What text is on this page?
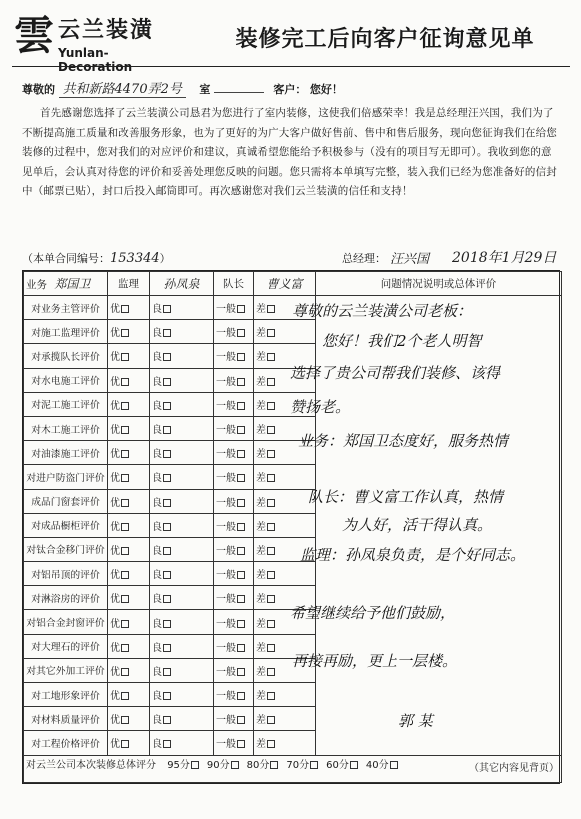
雲 云兰装潢
Yunlan-Decoration
装修完工后向客户征询意见单
尊敬的 共和新路4470弄2号 室	客户： 您好！
首先感谢您选择了云兰装潢公司恳君为您进行了室内装修，这使我们倍感荣幸！我是总经理汪兴国，我们为了不断提高施工质量和改善服务形象，也为了更好的为广大客户做好售前、售中和售后服务，现向您征询我们在给您装修的过程中，您对我们的对应评价和建议，真诚希望您能给予积极参与（没有的项目写无即可）。我收到您的意见单后，会认真对待您的评价和妥善处理您反映的问题。您只需将本单填写完整，装入我们已经为您准备好的信封中（邮票已贴），封口后投入邮筒即可。再次感谢您对我们云兰装潢的信任和支持！
（本单合同编号：153344）	总经理： 汪兴国 2018年1月29日
业务 郑国卫	监理	孙凤泉	队长	曹义富	问题情况说明或总体评价
对业务主管评价	优	良	一般	差	
对施工监理评价	优	良	一般	差	
对承揽队长评价	优	良	一般	差	
对水电施工评价	优	良	一般	差	
对泥工施工评价	优	良	一般	差	
对木工施工评价	优	良	一般	差	
对油漆施工评价	优	良	一般	差	
对进户防盗门评价	优	良	一般	差	
成品门窗套评价	优	良	一般	差	
对成品橱柜评价	优	良	一般	差	
对钛合金移门评价	优	良	一般	差	
对铝吊顶的评价	优	良	一般	差	
对淋浴房的评价	优	良	一般	差	
对铝合金封窗评价	优	良	一般	差	
对大理石的评价	优	良	一般	差	
对其它外加工评价	优	良	一般	差	
对工地形象评价	优	良	一般	差	
对材料质量评价	优	良	一般	差	
对工程价格评价	优	良	一般	差	
对云兰公司本次装修总体评分 95分 90分 80分 70分 60分 40分 （其它内容见背页）					
尊敬的云兰装潢公司老板：
您好！我们2个老人明智
选择了贵公司帮我们装修、该得
赞扬老。
业务：郑国卫态度好，服务热情
队长：曹义富工作认真，热情
为人好，活干得认真。
监理：孙凤泉负责，是个好同志。
希望继续给予他们鼓励，
再接再励，更上一层楼。
郭 某
